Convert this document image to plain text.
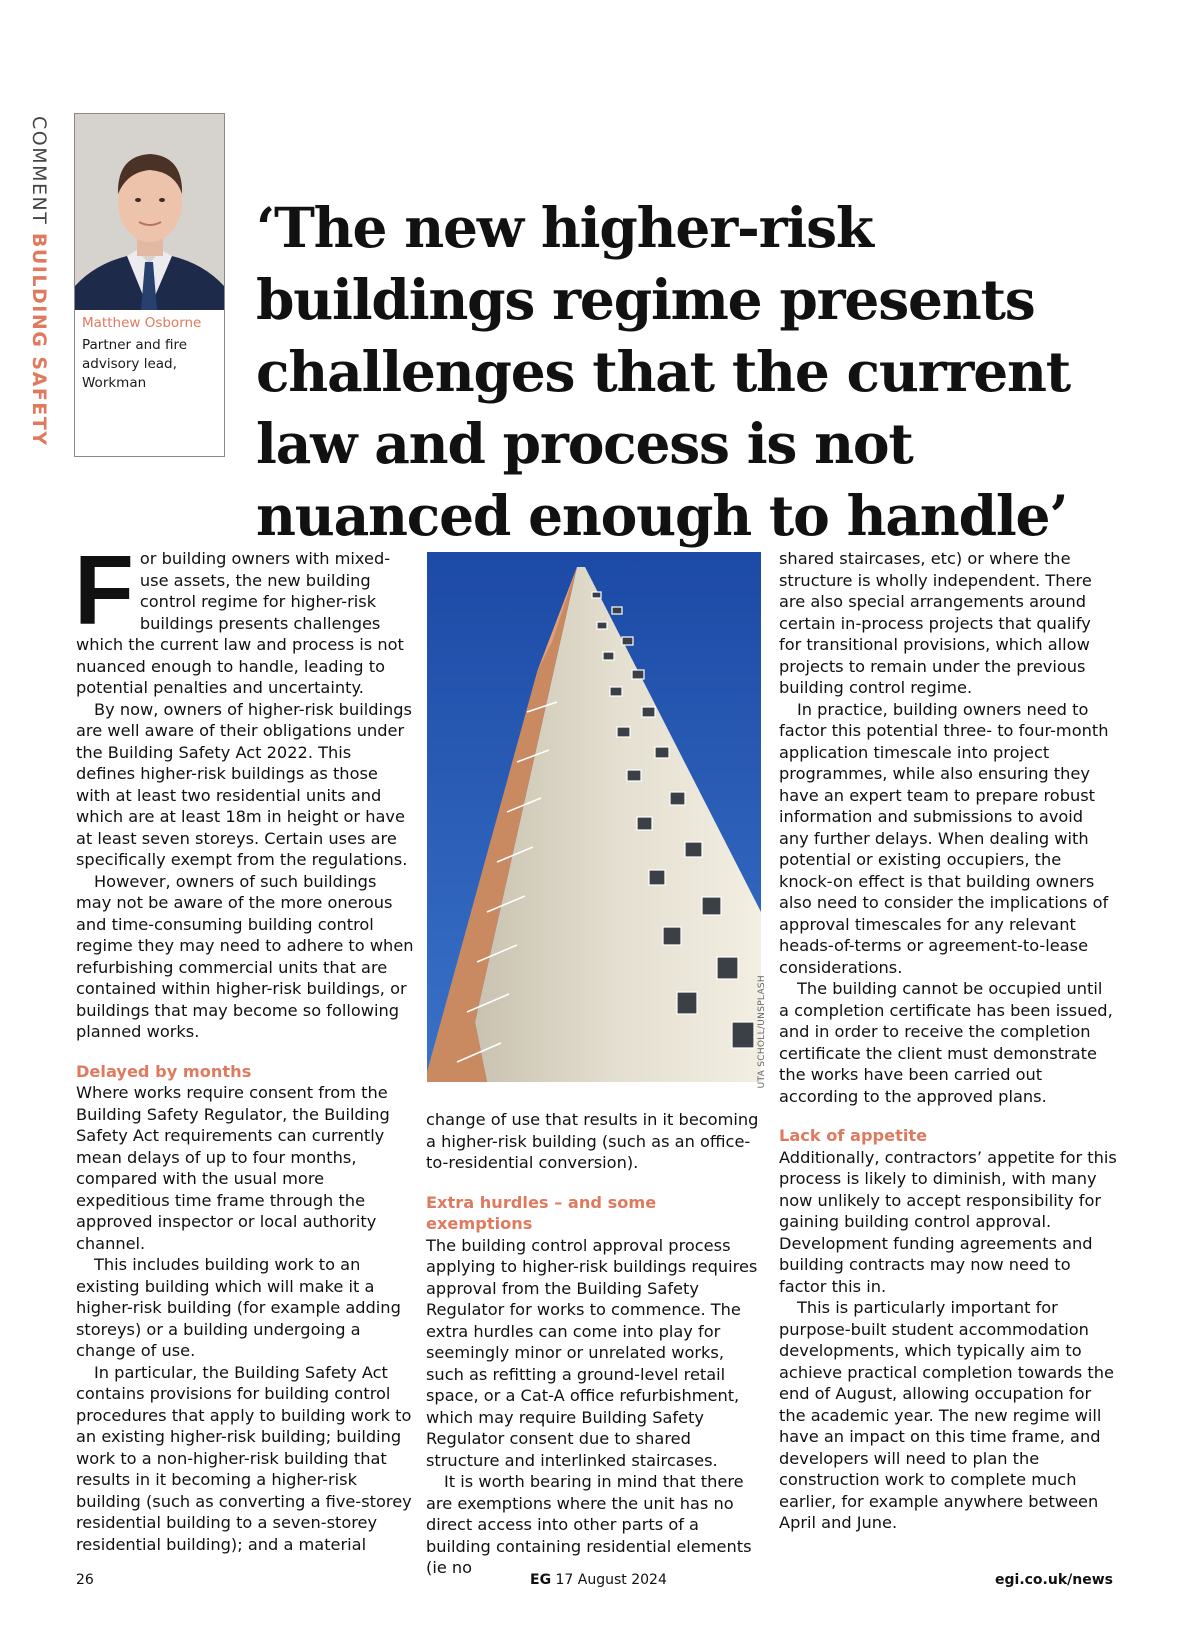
COMMENT BUILDING SAFETY Matthew Osborne
Partner and fire advisory lead, Workman
‘The new higher-risk buildings regime presents challenges that the current law and process is not nuanced enough to handle’

For building owners with mixed-use assets, the new building control regime for higher-risk buildings presents challenges which the current law and process is not nuanced enough to handle, leading to potential penalties and uncertainty.

By now, owners of higher-risk buildings are well aware of their obligations under the Building Safety Act 2022. This defines higher-risk buildings as those with at least two residential units and which are at least 18m in height or have at least seven storeys. Certain uses are specifically exempt from the regulations.

However, owners of such buildings may not be aware of the more onerous and time-consuming building control regime they may need to adhere to when refurbishing commercial units that are contained within higher-risk buildings, or buildings that may become so following planned works.

Delayed by months

Where works require consent from the Building Safety Regulator, the Building Safety Act requirements can currently mean delays of up to four months, compared with the usual more expeditious time frame through the approved inspector or local authority channel.

This includes building work to an existing building which will make it a higher-risk building (for example adding storeys) or a building undergoing a change of use.

In particular, the Building Safety Act contains provisions for building control procedures that apply to building work to an existing higher-risk building; building work to a non-higher-risk building that results in it becoming a higher-risk building (such as converting a five-storey residential building to a seven-storey residential building); and a material

UTA SCHOLL/UNSPLASH

change of use that results in it becoming a higher-risk building (such as an office-to-residential conversion).

Extra hurdles – and some exemptions

The building control approval process applying to higher-risk buildings requires approval from the Building Safety Regulator for works to commence. The extra hurdles can come into play for seemingly minor or unrelated works, such as refitting a ground-level retail space, or a Cat-A office refurbishment, which may require Building Safety Regulator consent due to shared structure and interlinked staircases.

It is worth bearing in mind that there are exemptions where the unit has no direct access into other parts of a building containing residential elements (ie no

shared staircases, etc) or where the structure is wholly independent. There are also special arrangements around certain in-process projects that qualify for transitional provisions, which allow projects to remain under the previous building control regime.

In practice, building owners need to factor this potential three- to four-month application timescale into project programmes, while also ensuring they have an expert team to prepare robust information and submissions to avoid any further delays. When dealing with potential or existing occupiers, the knock-on effect is that building owners also need to consider the implications of approval timescales for any relevant heads-of-terms or agreement-to-lease considerations.

The building cannot be occupied until a completion certificate has been issued, and in order to receive the completion certificate the client must demonstrate the works have been carried out according to the approved plans.

Lack of appetite

Additionally, contractors’ appetite for this process is likely to diminish, with many now unlikely to accept responsibility for gaining building control approval. Development funding agreements and building contracts may now need to factor this in.

This is particularly important for purpose-built student accommodation developments, which typically aim to achieve practical completion towards the end of August, allowing occupation for the academic year. The new regime will have an impact on this time frame, and developers will need to plan the construction work to complete much earlier, for example anywhere between April and June.

26	EG 17 August 2024	egi.co.uk/news
